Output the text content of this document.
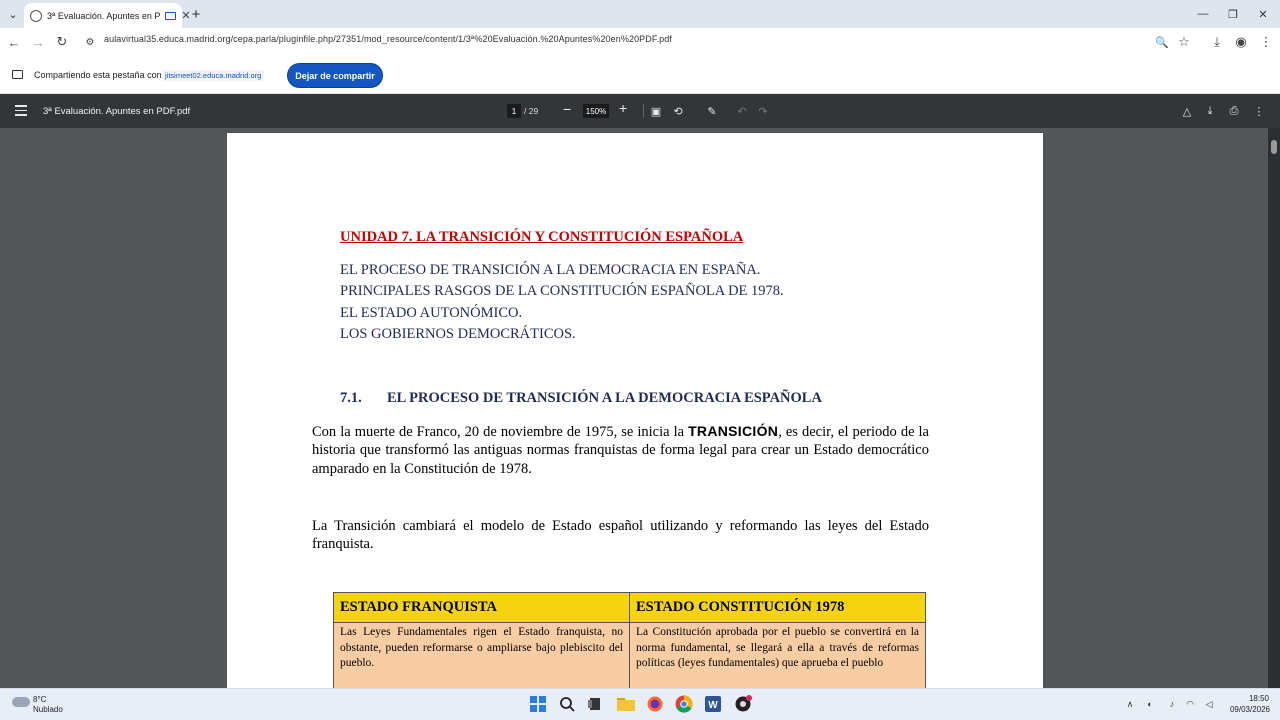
⌄	3ª Evaluación. Apuntes en P ✕ +	—	❐	✕
← → ↻	⚙	aulavirtual35.educa.madrid.org/cepa.parla/pluginfile.php/27351/mod_resource/content/1/3ª%20Evaluación.%20Apuntes%20en%20PDF.pdf	🔍 ☆	⤓	◉ ⋮
Compartiendo esta pestaña con jitsimeet02.educa.madrid.org	Dejar de compartir
3ª Evaluación. Apuntes en PDF.pdf	1 / 29 −	150% + ▣	⟲	✎	↶	↷	△	⤓	⎙	⋮
UNIDAD 7. LA TRANSICIÓN Y CONSTITUCIÓN ESPAÑOLA
EL PROCESO DE TRANSICIÓN A LA DEMOCRACIA EN ESPAÑA.
PRINCIPALES RASGOS DE LA CONSTITUCIÓN ESPAÑOLA DE 1978.
EL ESTADO AUTONÓMICO.
LOS GOBIERNOS DEMOCRÁTICOS.
7.1. EL PROCESO DE TRANSICIÓN A LA DEMOCRACIA ESPAÑOLA

Con la muerte de Franco, 20 de noviembre de 1975, se inicia la TRANSICIÓN, es decir, el periodo de la historia que transformó las antiguas normas franquistas de forma legal para crear un Estado democrático amparado en la Constitución de 1978.

La Transición cambiará el modelo de Estado español utilizando y reformando las leyes del Estado franquista.

ESTADO FRANQUISTA	ESTADO CONSTITUCIÓN 1978
Las Leyes Fundamentales rigen el Estado franquista, no obstante, pueden reformarse o ampliarse bajo plebiscito del pueblo.	La Constitución aprobada por el pueblo se convertirá en la norma fundamental, se llegará a ella a través de reformas políticas (leyes fundamentales) que aprueba el pueblo
8°C
Nublado	W	∧	◐	♪	◠ ◁	18:50
09/03/2026
